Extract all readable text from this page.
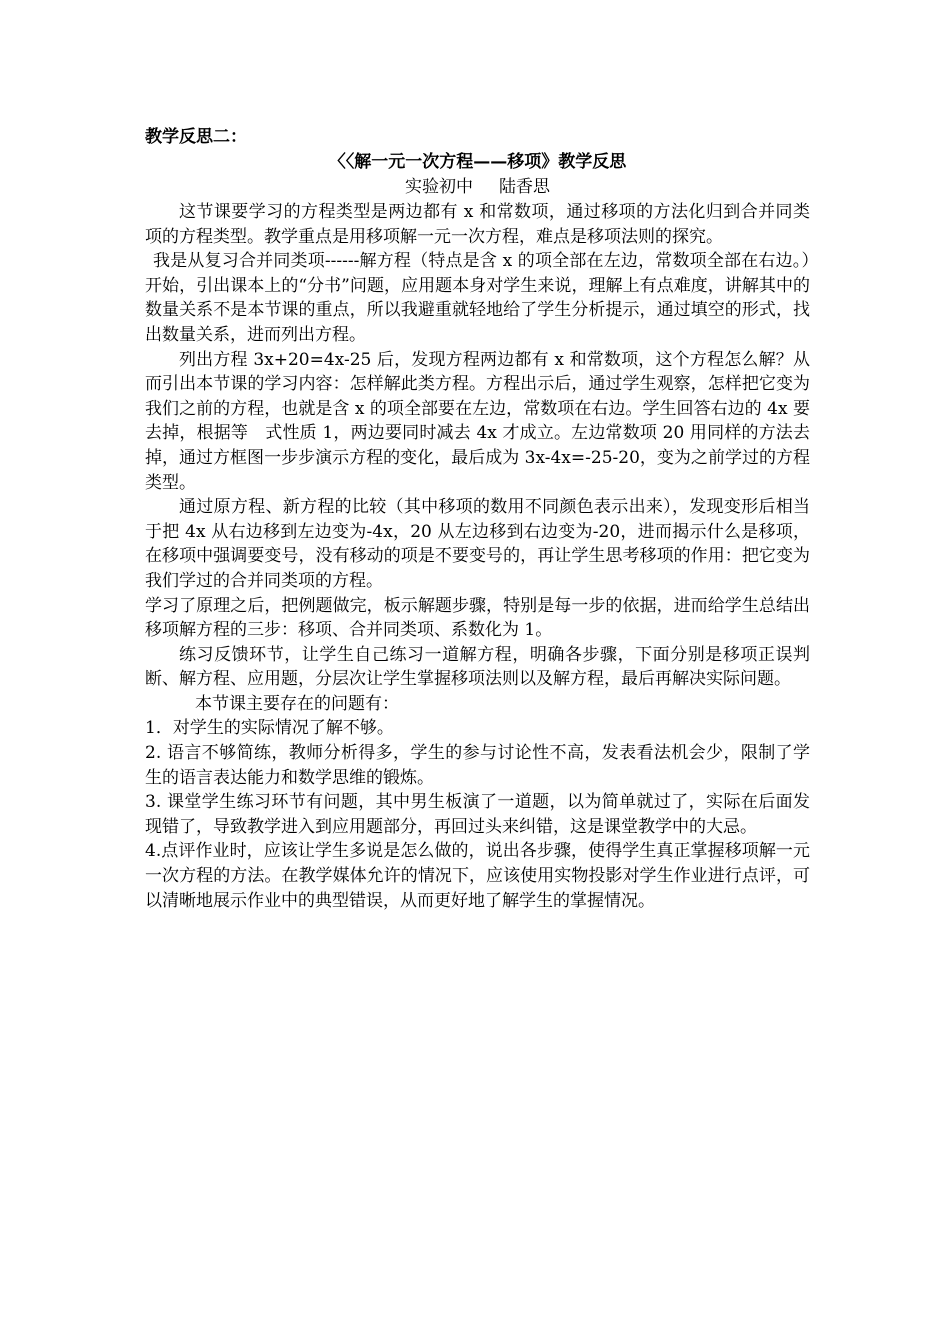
教学反思二：

〈〈解一元一次方程——移项》教学反思

实验初中 陆香思

这节课要学习的方程类型是两边都有 x 和常数项，通过移项的方法化归到合并同类项的方程类型。教学重点是用移项解一元一次方程，难点是移项法则的探究。

我是从复习合并同类项------解方程（特点是含 x 的项全部在左边，常数项全部在右边。）开始，引出课本上的“分书”问题，应用题本身对学生来说，理解上有点难度，讲解其中的数量关系不是本节课的重点，所以我避重就轻地给了学生分析提示，通过填空的形式，找出数量关系，进而列出方程。

列出方程 3x+20=4x-25 后，发现方程两边都有 x 和常数项，这个方程怎么解？从而引出本节课的学习内容：怎样解此类方程。方程出示后，通过学生观察，怎样把它变为我们之前的方程，也就是含 x 的项全部要在左边，常数项在右边。学生回答右边的 4x 要去掉，根据等　式性质 1，两边要同时减去 4x 才成立。左边常数项 20 用同样的方法去掉，通过方框图一步步演示方程的变化，最后成为 3x-4x=-25-20，变为之前学过的方程类型。

通过原方程、新方程的比较（其中移项的数用不同颜色表示出来），发现变形后相当于把 4x 从右边移到左边变为-4x，20 从左边移到右边变为-20，进而揭示什么是移项，在移项中强调要变号，没有移动的项是不要变号的，再让学生思考移项的作用：把它变为我们学过的合并同类项的方程。

学习了原理之后，把例题做完，板示解题步骤，特别是每一步的依据，进而给学生总结出移项解方程的三步：移项、合并同类项、系数化为 1。

练习反馈环节，让学生自己练习一道解方程，明确各步骤，下面分别是移项正误判断、解方程、应用题，分层次让学生掌握移项法则以及解方程，最后再解决实际问题。

本节课主要存在的问题有：

1．对学生的实际情况了解不够。

2. 语言不够简练，教师分析得多，学生的参与讨论性不高，发表看法机会少，限制了学生的语言表达能力和数学思维的锻炼。

3. 课堂学生练习环节有问题，其中男生板演了一道题，以为简单就过了，实际在后面发现错了，导致教学进入到应用题部分，再回过头来纠错，这是课堂教学中的大忌。

4.点评作业时，应该让学生多说是怎么做的，说出各步骤，使得学生真正掌握移项解一元一次方程的方法。在教学媒体允许的情况下，应该使用实物投影对学生作业进行点评，可以清晰地展示作业中的典型错误，从而更好地了解学生的掌握情况。
